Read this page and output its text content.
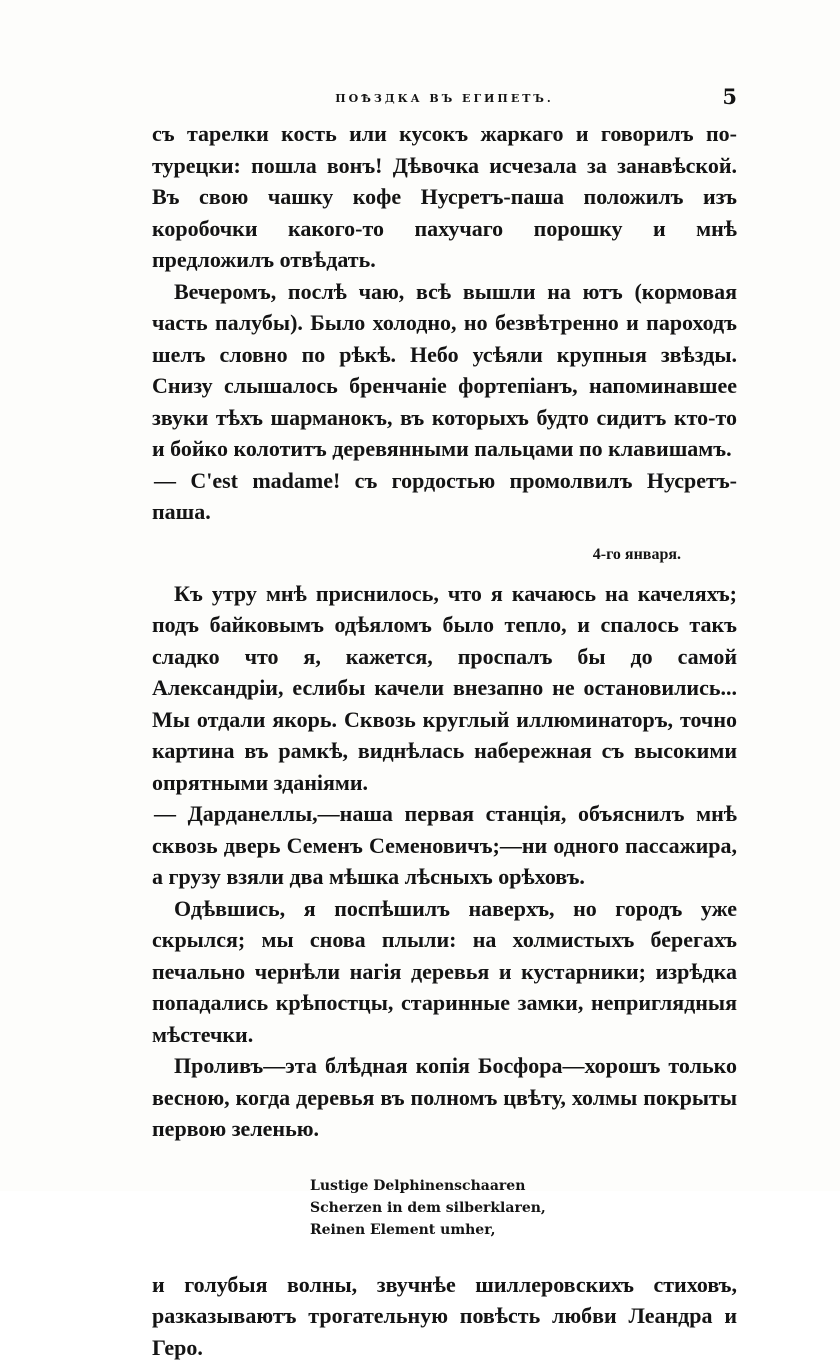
ПОѢЗДКА ВЪ ЕГИПЕТЪ.	5

съ тарелки кость или кусокъ жаркаго и говорилъ по-турецки: пошла вонъ! Дѣвочка исчезала за занавѣской. Въ свою чашку кофе Нусретъ-паша положилъ изъ коробочки какого-то пахучаго порошку и мнѣ предложилъ отвѣдать.

Вечеромъ, послѣ чаю, всѣ вышли на ютъ (кормовая часть палубы). Было холодно, но безвѣтренно и пароходъ шелъ словно по рѣкѣ. Небо усѣяли крупныя звѣзды. Снизу слышалось бренчаніе фортепіанъ, напоминавшее звуки тѣхъ шарманокъ, въ которыхъ будто сидитъ кто-то и бойко колотитъ деревянными пальцами по клавишамъ.

— C'est madame! съ гордостью промолвилъ Нусретъ-паша.

4-го января.

Къ утру мнѣ приснилось, что я качаюсь на качеляхъ; подъ байковымъ одѣяломъ было тепло, и спалось такъ сладко что я, кажется, проспалъ бы до самой Александріи, еслибы качели внезапно не остановились... Мы отдали якорь. Сквозь круглый иллюминаторъ, точно картина въ рамкѣ, виднѣлась набережная съ высокими опрятными зданіями.

— Дарданеллы,—наша первая станція, объяснилъ мнѣ сквозь дверь Семенъ Семеновичъ;—ни одного пассажира, а грузу взяли два мѣшка лѣсныхъ орѣховъ.

Одѣвшись, я поспѣшилъ наверхъ, но городъ уже скрылся; мы снова плыли: на холмистыхъ берегахъ печально чернѣли нагія деревья и кустарники; изрѣдка попадались крѣпостцы, старинные замки, неприглядныя мѣстечки.

Проливъ—эта блѣдная копія Босфора—хорошъ только весною, когда деревья въ полномъ цвѣту, холмы покрыты первою зеленью.

Lustige Delphinenschaaren
Scherzen in dem silberklaren,
Reinen Element umher,

и голубыя волны, звучнѣе шиллеровскихъ стиховъ, разказываютъ трогательную повѣсть любви Леандра и Геро.
